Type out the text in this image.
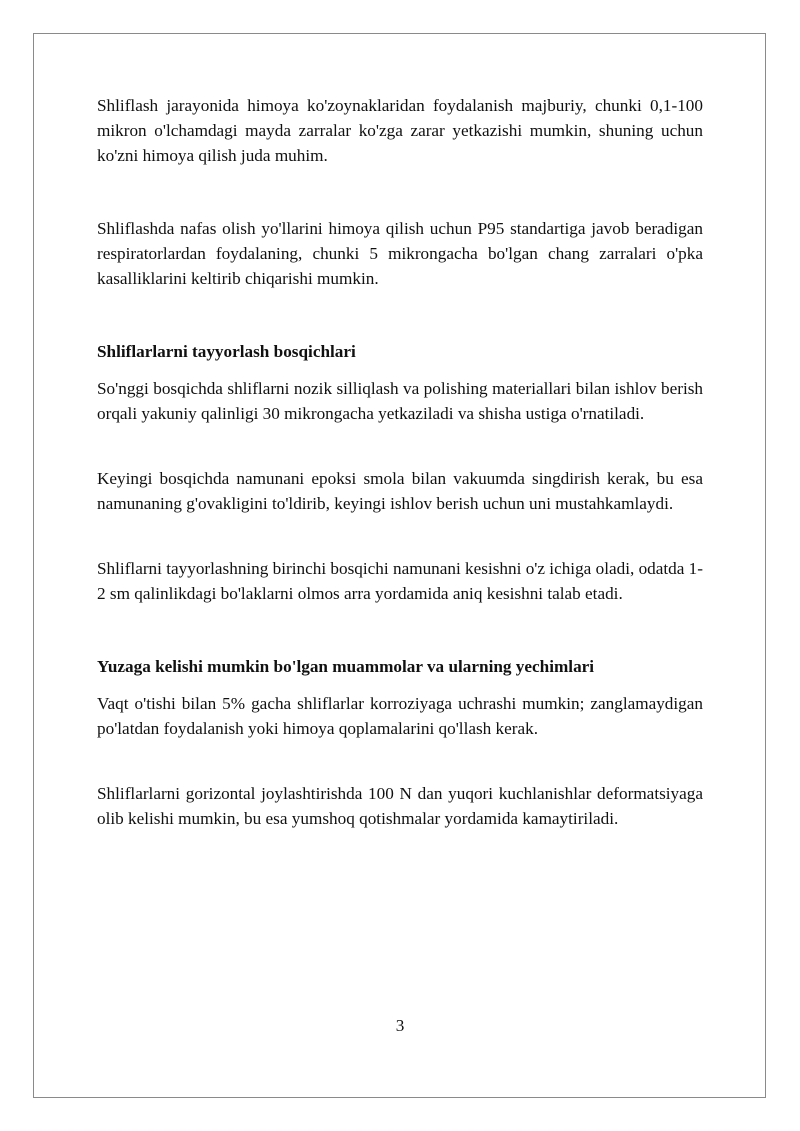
Shliflash jarayonida himoya ko'zoynaklaridan foydalanish majburiy, chunki 0,1-100 mikron o'lchamdagi mayda zarralar ko'zga zarar yetkazishi mumkin, shuning uchun ko'zni himoya qilish juda muhim.

Shliflashda nafas olish yo'llarini himoya qilish uchun P95 standartiga javob beradigan respiratorlardan foydalaning, chunki 5 mikrongacha bo'lgan chang zarralari o'pka kasalliklarini keltirib chiqarishi mumkin.

Shliflarlarni tayyorlash bosqichlari

So'nggi bosqichda shliflarni nozik silliqlash va polishing materiallari bilan ishlov berish orqali yakuniy qalinligi 30 mikrongacha yetkaziladi va shisha ustiga o'rnatiladi.

Keyingi bosqichda namunani epoksi smola bilan vakuumda singdirish kerak, bu esa namunaning g'ovakligini to'ldirib, keyingi ishlov berish uchun uni mustahkamlaydi.

Shliflarni tayyorlashning birinchi bosqichi namunani kesishni o'z ichiga oladi, odatda 1-2 sm qalinlikdagi bo'laklarni olmos arra yordamida aniq kesishni talab etadi.

Yuzaga kelishi mumkin bo'lgan muammolar va ularning yechimlari

Vaqt o'tishi bilan 5% gacha shliflarlar korroziyaga uchrashi mumkin; zanglamaydigan po'latdan foydalanish yoki himoya qoplamalarini qo'llash kerak.

Shliflarlarni gorizontal joylashtirishda 100 N dan yuqori kuchlanishlar deformatsiyaga olib kelishi mumkin, bu esa yumshoq qotishmalar yordamida kamaytiriladi.

3
